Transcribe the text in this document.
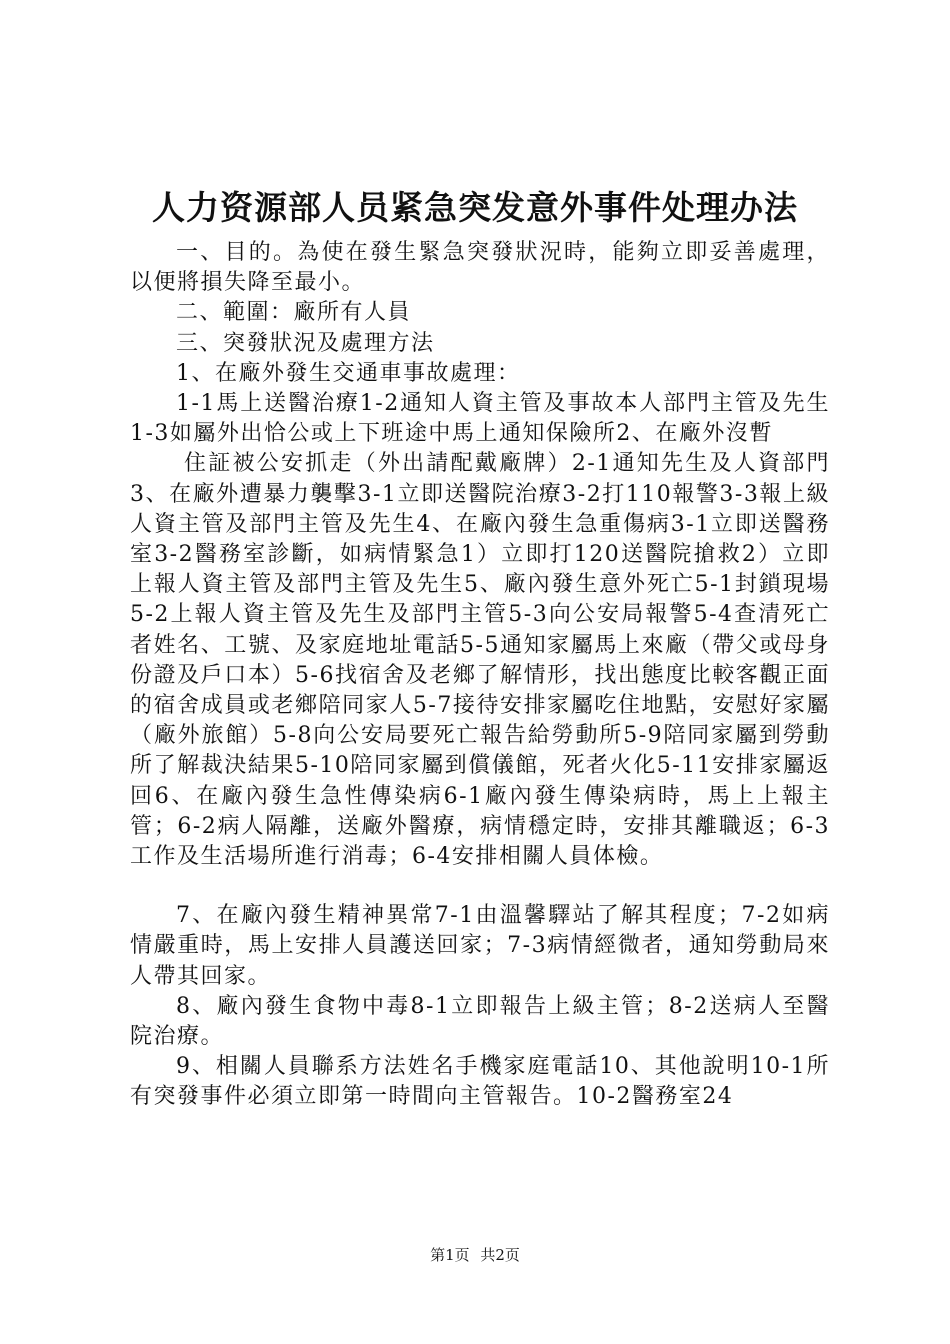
人力资源部人员紧急突发意外事件处理办法

一、目的。為使在發生緊急突發狀況時，能夠立即妥善處理，以便將損失降至最小。

二、範圍：廠所有人員

三、突發狀況及處理方法

1、在廠外發生交通車事故處理：

1-1馬上送醫治療1-2通知人資主管及事故本人部門主管及先生1-3如屬外出恰公或上下班途中馬上通知保險所2、在廠外沒暫

住証被公安抓走（外出請配戴廠牌）2-1通知先生及人資部門3、在廠外遭暴力襲擊3-1立即送醫院治療3-2打110報警3-3報上級人資主管及部門主管及先生4、在廠內發生急重傷病3-1立即送醫務室3-2醫務室診斷，如病情緊急1）立即打120送醫院搶救2）立即上報人資主管及部門主管及先生5、廠內發生意外死亡5-1封鎖現場5-2上報人資主管及先生及部門主管5-3向公安局報警5-4查清死亡者姓名、工號、及家庭地址電話5-5通知家屬馬上來廠（帶父或母身份證及戶口本）5-6找宿舍及老鄉了解情形，找出態度比較客觀正面的宿舍成員或老鄉陪同家人5-7接待安排家屬吃住地點，安慰好家屬（廠外旅館）5-8向公安局要死亡報告給勞動所5-9陪同家屬到勞動所了解裁決結果5-10陪同家屬到償儀館，死者火化5-11安排家屬返回6、在廠內發生急性傳染病6-1廠內發生傳染病時，馬上上報主管；6-2病人隔離，送廠外醫療，病情穩定時，安排其離職返；6-3工作及生活場所進行消毒；6-4安排相關人員体檢。

7、在廠內發生精神異常7-1由溫馨驛站了解其程度；7-2如病情嚴重時，馬上安排人員護送回家；7-3病情經微者，通知勞動局來人帶其回家。

8、廠內發生食物中毒8-1立即報告上級主管；8-2送病人至醫院治療。

9、相關人員聯系方法姓名手機家庭電話10、其他說明10-1所有突發事件必須立即第一時間向主管報告。10-2醫務室24

第1页 共2页
